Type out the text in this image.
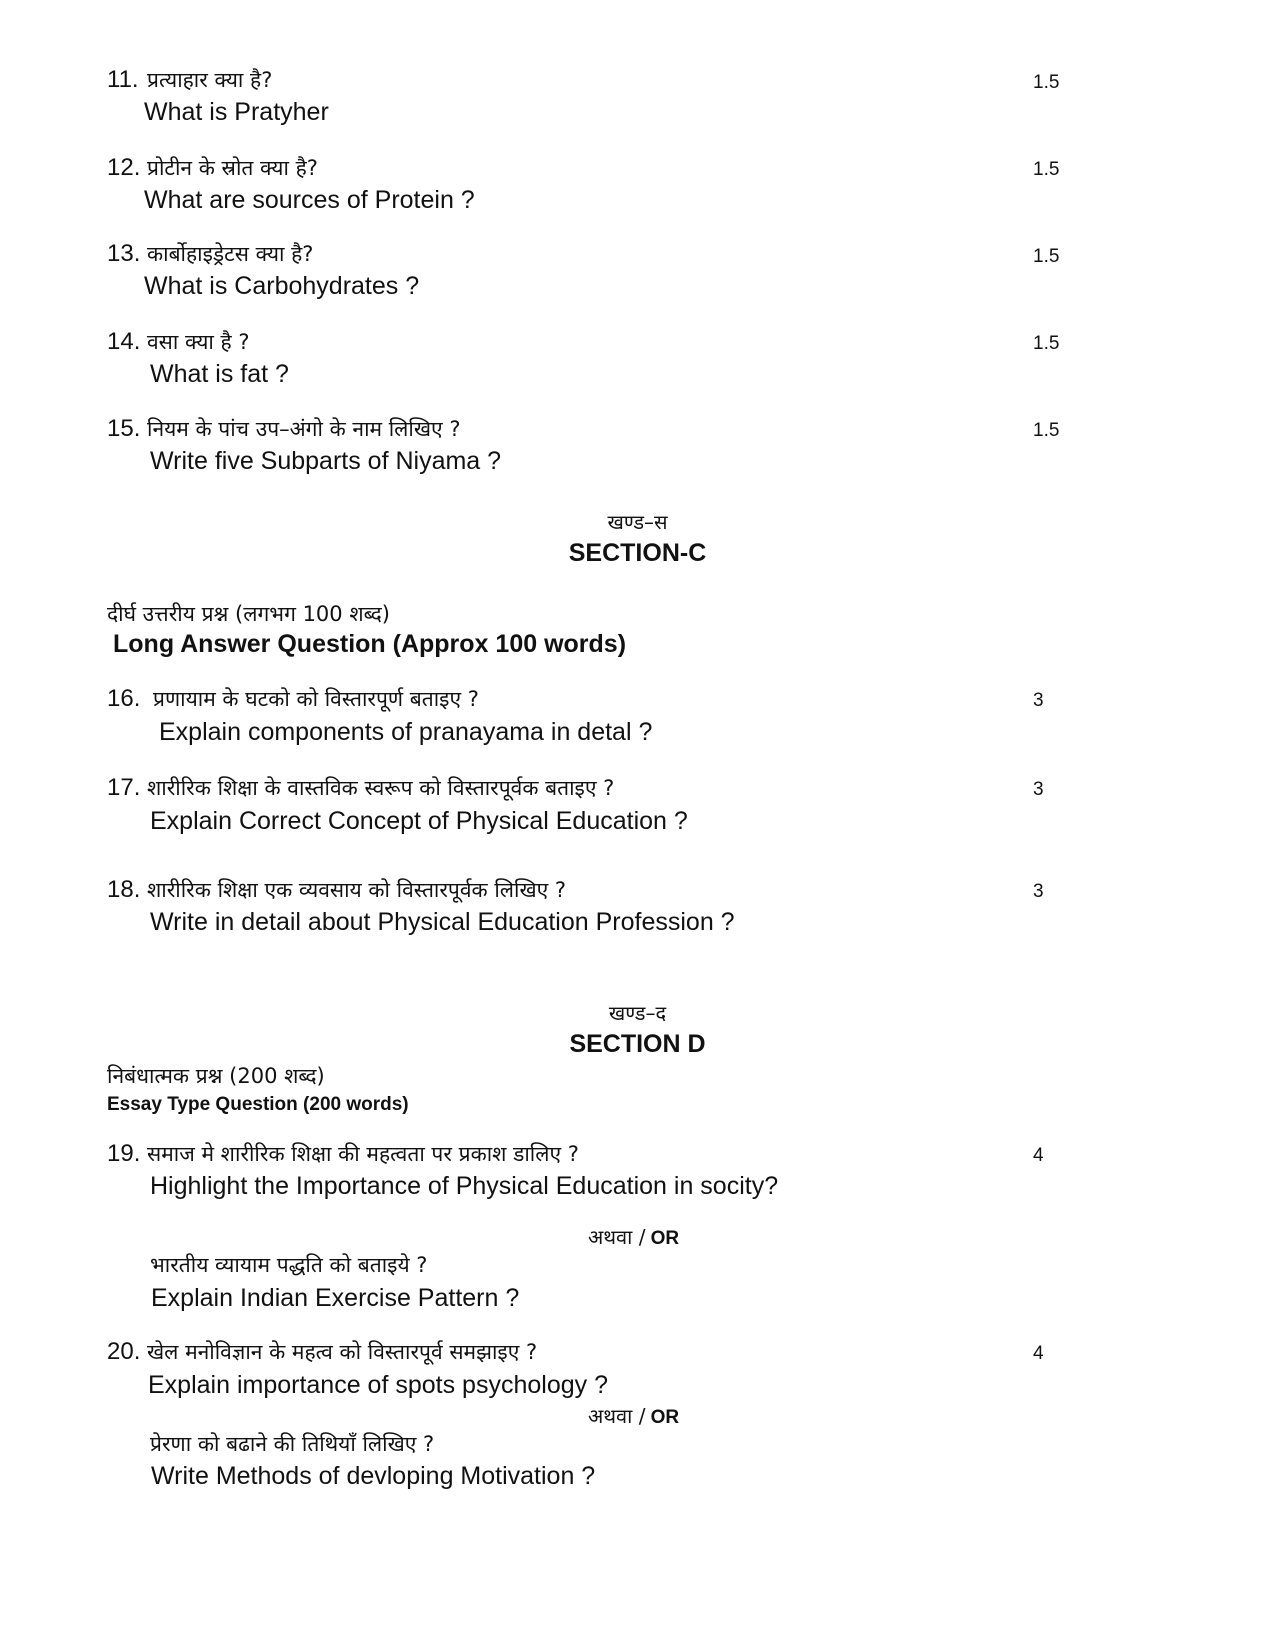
11. प्रत्याहार क्या है?
What is Pratyher
1.5
12. प्रोटीन के स्रोत क्या है?
What are sources of Protein ?
1.5
13. कार्बोहाइड्रेटस क्या है?
What is Carbohydrates ?
1.5
14. वसा क्या है ?
What is fat ?
1.5
15. नियम के पांच उप–अंगो के नाम लिखिए ?
Write five Subparts of Niyama ?
1.5
खण्ड–स
SECTION-C
दीर्घ उत्तरीय प्रश्न (लगभग 100 शब्द)
Long Answer Question (Approx 100 words)
16. प्रणायाम के घटको को विस्तारपूर्ण बताइए ?
Explain components of pranayama in detal ?
3
17. शारीरिक शिक्षा के वास्तविक स्वरूप को विस्तारपूर्वक बताइए ?
Explain Correct Concept of Physical Education ?
3
18. शारीरिक शिक्षा एक व्यवसाय को विस्तारपूर्वक लिखिए ?
Write in detail about Physical Education Profession ?
3
खण्ड–द
SECTION D
निबंधात्मक प्रश्न (200 शब्द)
Essay Type Question (200 words)
19. समाज मे शारीरिक शिक्षा की महत्वता पर प्रकाश डालिए ?
Highlight the Importance of Physical Education in socity?
4
अथवा / OR
भारतीय व्यायाम पद्धति को बताइये ?
Explain Indian Exercise Pattern ?
20. खेल मनोविज्ञान के महत्व को विस्तारपूर्व समझाइए ?
Explain importance of spots psychology ?
4
अथवा / OR
प्रेरणा को बढाने की तिथियाँ लिखिए ?
Write Methods of devloping Motivation ?
